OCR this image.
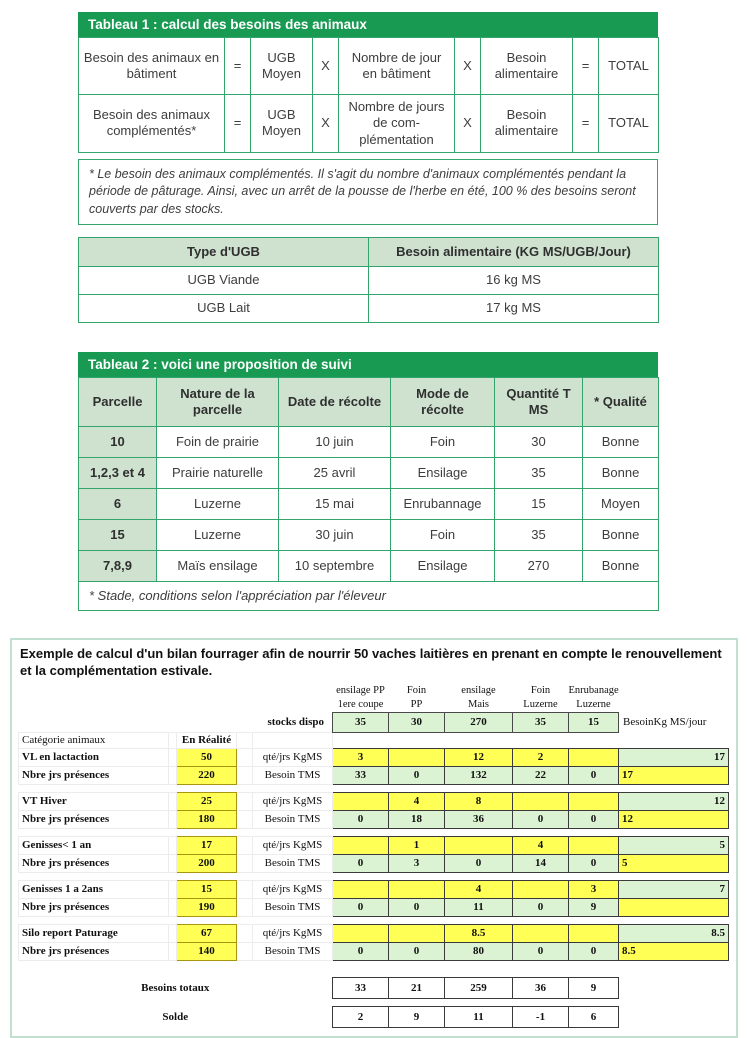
Tableau 1 : calcul des besoins des animaux
Besoin des animaux en bâtiment	=	UGB Moyen	X	Nombre de jour en bâtiment	X	Besoin alimentaire	=	TOTAL
Besoin des animaux complémentés*	=	UGB Moyen	X	Nombre de jours de com-plémentation	X	Besoin alimentaire	=	TOTAL
* Le besoin des animaux complémentés. Il s'agit du nombre d'animaux complémentés pendant la période de pâturage. Ainsi, avec un arrêt de la pousse de l'herbe en été, 100 % des besoins seront couverts par des stocks.
Type d'UGB	Besoin alimentaire (KG MS/UGB/Jour)
UGB Viande	16 kg MS
UGB Lait	17 kg MS
Tableau 2 : voici une proposition de suivi
Parcelle	Nature de la parcelle	Date de récolte	Mode de récolte	Quantité T MS	* Qualité
10	Foin de prairie	10 juin	Foin	30	Bonne
1,2,3 et 4	Prairie naturelle	25 avril	Ensilage	35	Bonne
6	Luzerne	15 mai	Enrubannage	15	Moyen
15	Luzerne	30 juin	Foin	35	Bonne
7,8,9	Maïs ensilage	10 septembre	Ensilage	270	Bonne
* Stade, conditions selon l'appréciation par l'éleveur					
Exemple de calcul d'un bilan fourrager afin de nourrir 50 vaches laitières en prenant en compte le renouvellement et la complémentation estivale.
					ensilage PP	Foin	ensilage	Foin	Enrubanage	
					1ere coupe	PP	Mais	Luzerne	Luzerne	
stocks dispo					35	30	270	35	15	BesoinKg MS/jour
Catégorie animaux		En Réalité								
VL en lactaction		50		qté/jrs KgMS	3		12	2		17
Nbre jrs présences		220		Besoin TMS	33	0	132	22	0	17

VT Hiver		25		qté/jrs KgMS		4	8			12
Nbre jrs présences		180		Besoin TMS	0	18	36	0	0	12

Genisses< 1 an		17		qté/jrs KgMS		1		4		5
Nbre jrs présences		200		Besoin TMS	0	3	0	14	0	5

Genisses 1 a 2ans		15		qté/jrs KgMS			4		3	7
Nbre jrs présences		190		Besoin TMS	0	0	11	0	9	

Silo report Paturage		67		qté/jrs KgMS			8.5			8.5
Nbre jrs présences		140		Besoin TMS	0	0	80	0	0	8.5

Besoins totaux					33	21	259	36	9	

Solde					2	9	11	-1	6	
